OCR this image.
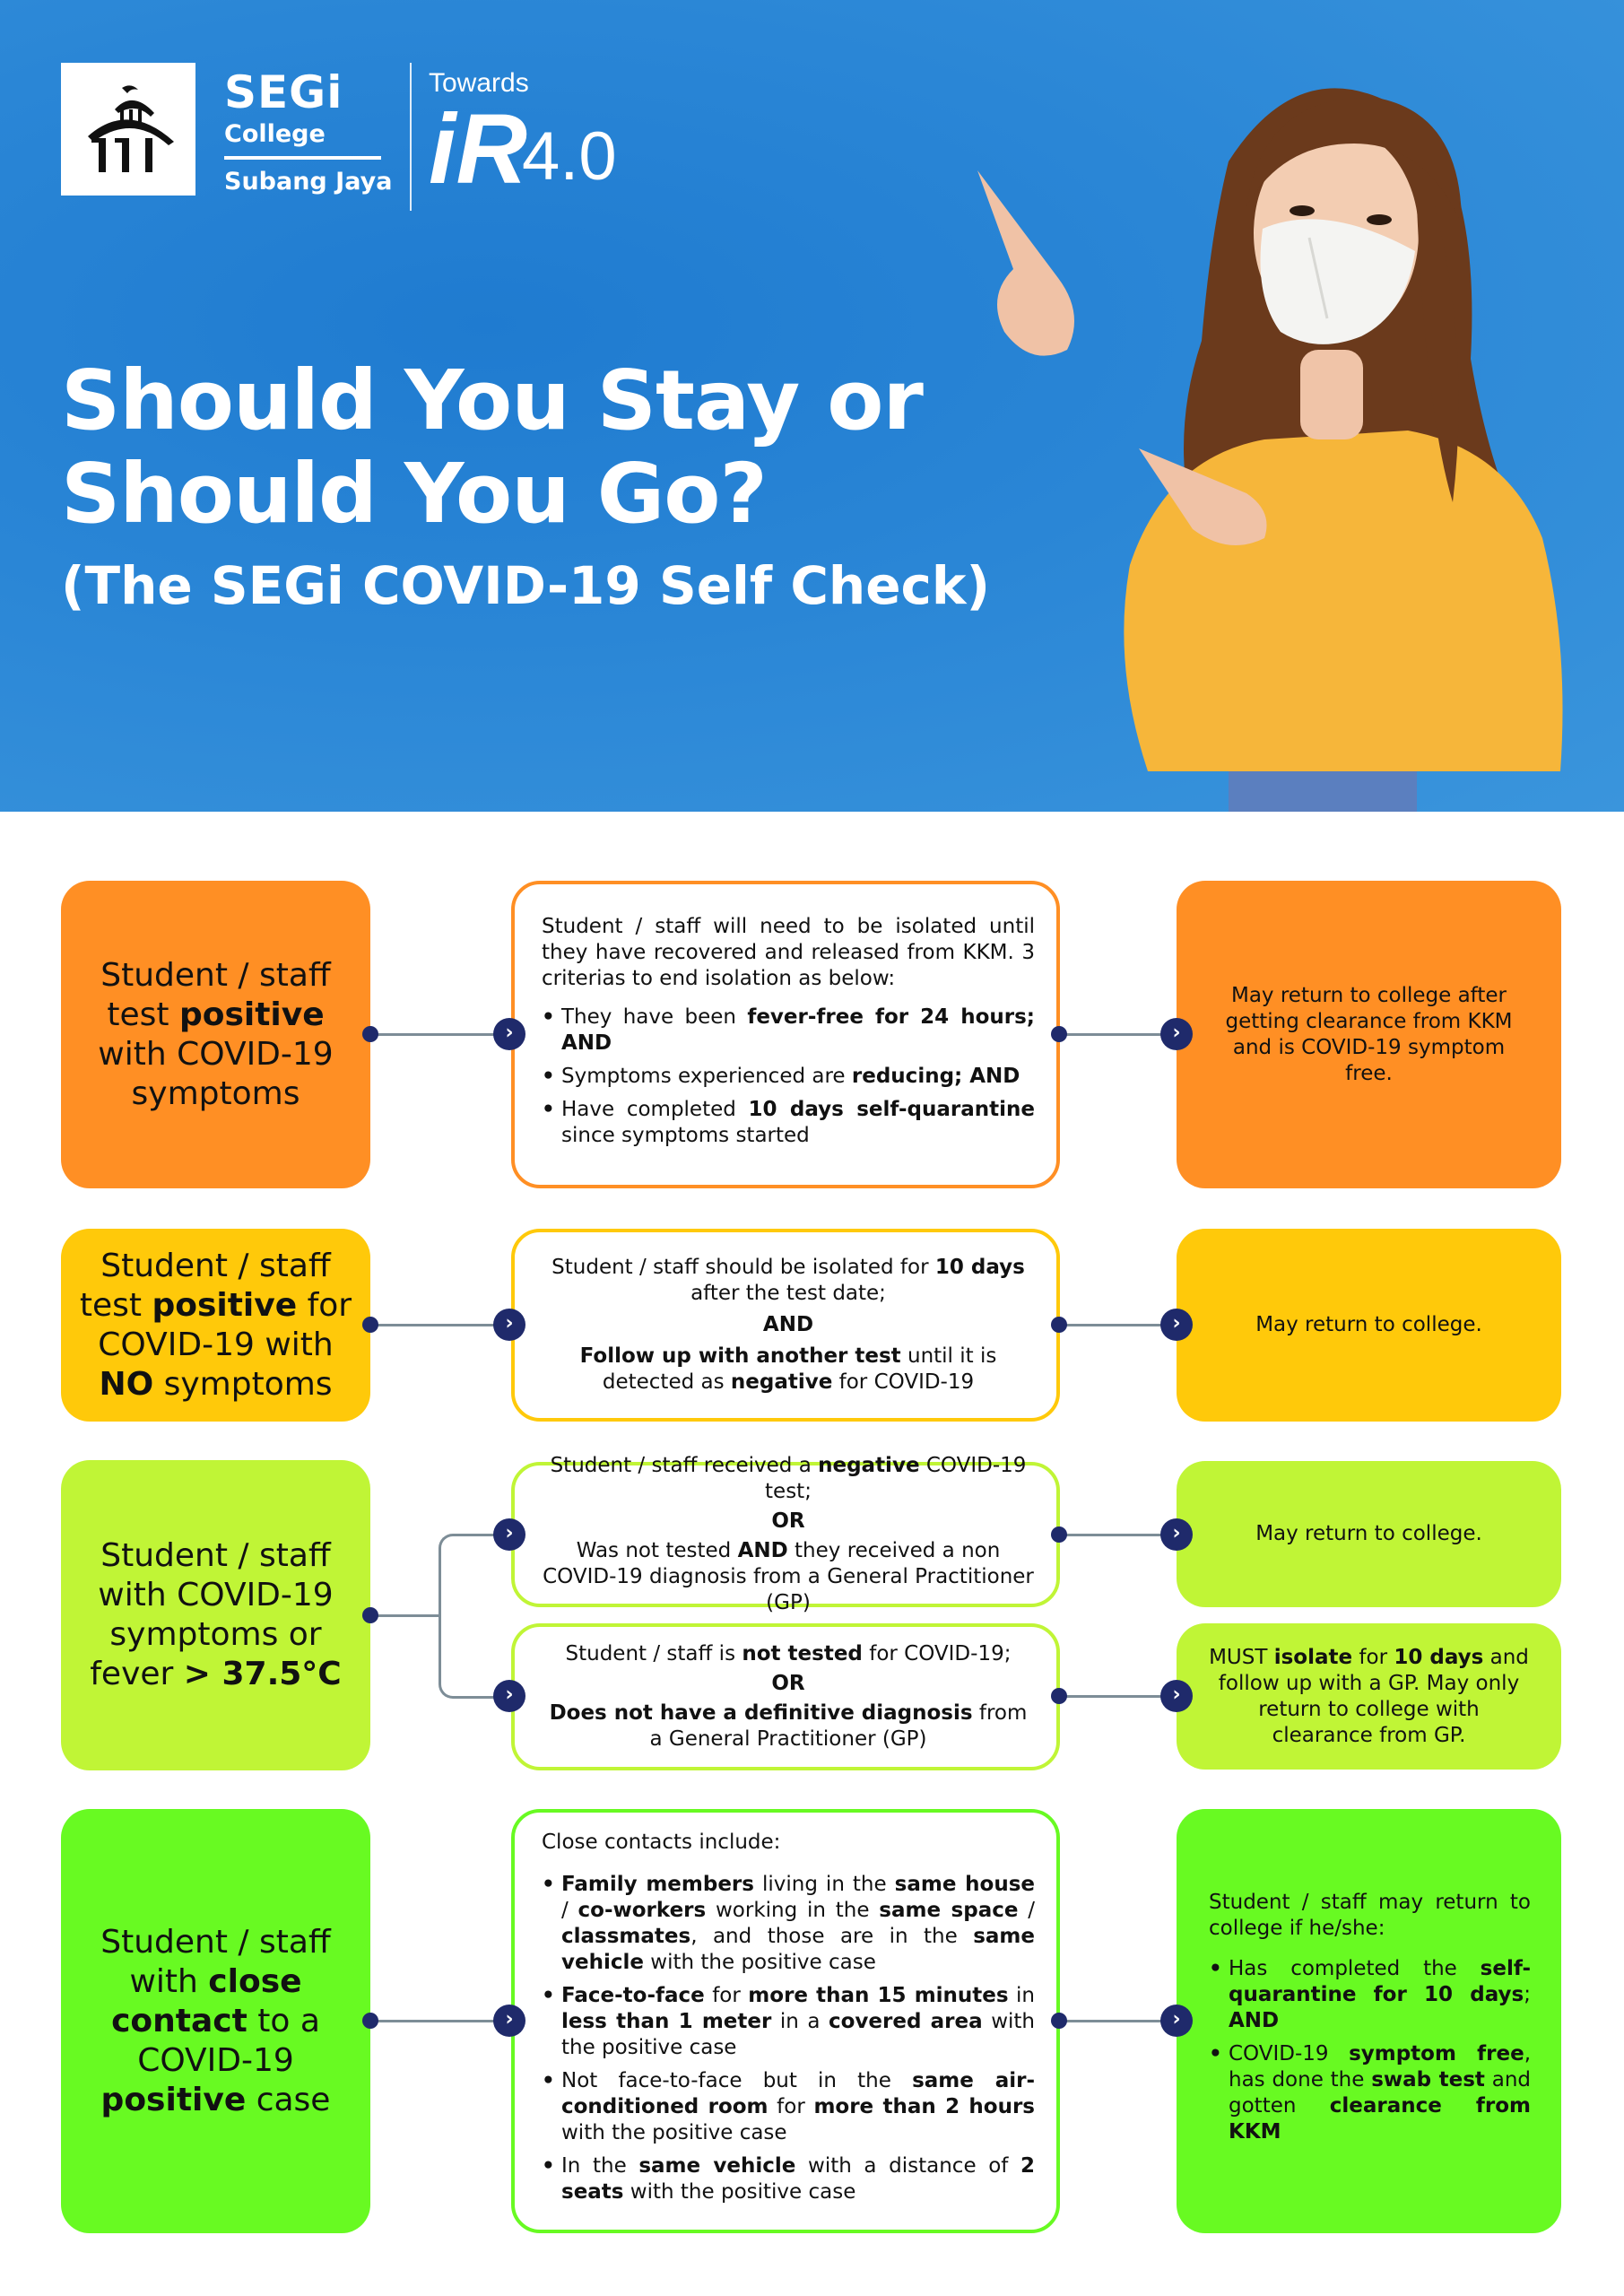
SEGi
College
Subang Jaya
Towards
iR4.0
Should You Stay or
Should You Go?
(The SEGi COVID-19 Self Check)
Student / staff
test positive with COVID-19
symptoms
Student / staff will need to be isolated until they have recovered and released from KKM. 3 criterias to end isolation as below:
• They have been fever-free for 24 hours; AND
• Symptoms experienced are reducing; AND
• Have completed 10 days self-quarantine since symptoms started
May return to college after getting clearance from KKM and is COVID-19 symptom free.
›	›
Student / staff
test positive for COVID-19 with NO symptoms
Student / staff should be isolated for 10 days after the test date;
AND
Follow up with another test until it is detected as negative for COVID-19
May return to college.
›	›
Student / staff with COVID-19 symptoms or fever > 37.5°C
Student / staff received a negative COVID-19 test;
OR
Was not tested AND they received a non COVID-19 diagnosis from a General Practitioner (GP)
Student / staff is not tested for COVID-19;
OR
Does not have a definitive diagnosis from a General Practitioner (GP)
May return to college.
MUST isolate for 10 days and follow up with a GP. May only return to college with clearance from GP.
›
›
›
›
Student / staff with close contact to a COVID-19 positive case
Close contacts include:
• Family members living in the same house / co-workers working in the same space / classmates, and those are in the same vehicle with the positive case
• Face-to-face for more than 15 minutes in less than 1 meter in a covered area with the positive case
• Not face-to-face but in the same air-conditioned room for more than 2 hours with the positive case
• In the same vehicle with a distance of 2 seats with the positive case
Student / staff may return to college if he/she:
• Has completed the self-quarantine for 10 days; AND
• COVID-19 symptom free, has done the swab test and gotten clearance from KKM
›	›
